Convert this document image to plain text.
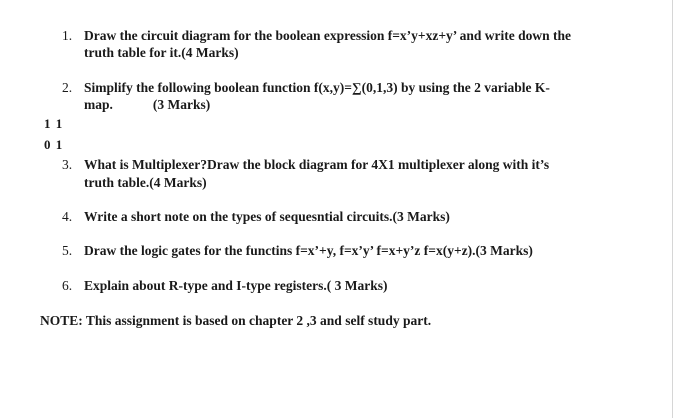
1. Draw the circuit diagram for the boolean expression f=x’y+xz+y’ and write down the
truth table for it.(4 Marks)
2. Simplify the following boolean function f(x,y)=∑(0,1,3) by using the 2 variable K-
map.	(3 Marks)
1 1
0 1
3. What is Multiplexer?Draw the block diagram for 4X1 multiplexer along with it’s
truth table.(4 Marks)
4. Write a short note on the types of sequesntial circuits.(3 Marks)
5. Draw the logic gates for the functins f=x’+y, f=x’y’ f=x+y’z f=x(y+z).(3 Marks)
6. Explain about R-type and I-type registers.( 3 Marks)
NOTE: This assignment is based on chapter 2 ,3 and self study part.
